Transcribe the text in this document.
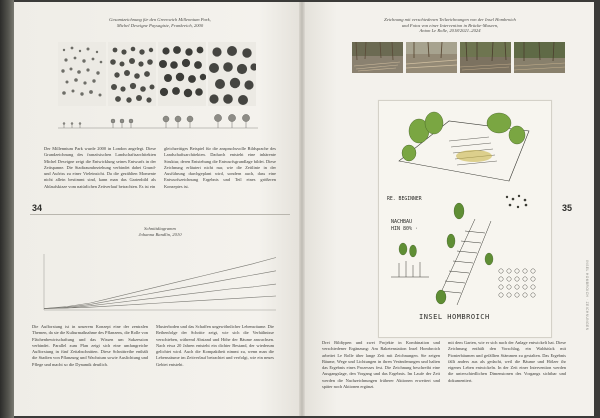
Gesamtzeichnung für den Greenwich Millennium Park,
Michel Desvigne Paysagiste, Frankreich, 2000
Der Millennium Park wurde 2000 in London angelegt. Diese Grundzeichnung des französischen Landschaftsarchitekten Michel Desvigne zeigt die Entwicklung seines Entwurfs in der Zeitspanne. Die Stadtraumbeziehung verbindet dabei Grund- und Aufriss zu einer Vieleinsicht. Da die gezählten Momente nicht allein bestimmt sind, kann man das Gartenbild als Ablaufskizze vom natürlichen Zeitverlauf betrachten. Es ist ein
gleichzeitiges Beispiel für die anspruchsvolle Bildsprache des Landschaftsarchitekten. Dadurch entsteht eine inhärente Struktur, deren Entstehung die Entwurfsgrundlage bildet. Diese Zeichnung erläutert nicht nur, wie die Zeitlinie in der Ausführung durchgeplant wird, sondern auch, dass eine Entwurfszeichnung Ergebnis und Teil eines größeren Konzeptes ist.
34
Schnittdiagramm
Johanna Bandlin, 2010
Die Aufforstung ist in unserem Konzept eine der zentralen Themen, da sie die Kulturmaßnahme des Pflanzens, die Rolle von Flächenbewirtschaftung und das Wissen um Sukzession verbindet. Parallel zum Plan zeigt sich eine umfangreiche Aufforstung in fünf Zeitabschnitten. Diese Schnittreihe enthält die Stadien von Pflanzung und Wachstum sowie Auslichtung und Pflege und macht so die Dynamik deutlich.
Musterboden und das Schaffen ungewöhnlicher Lebensräume. Die Reihenfolge der Schritte zeigt, wie sich die Verhältnisse verschieben, während Abstand und Höhe der Bäume anwachsen. Nach etwa 20 Jahren entsteht ein dichter Bestand, der wiederum gelichtet wird. Auch die Kompaktheit nimmt zu, wenn man die Lebensräume im Zeitverlauf betrachtet und verfolgt, wie ein neues Gebiet entsteht.
Zeichnung mit verschiedenen Teilzeichnungen von der Insel Hombroich
und Fotos von einer Intervention in Brücke-Museen,
Anton Le Rolle, 2018/2021–2024
INSEL HOMBROICH · ZEICHNUNGEN
RE. BEGINNER
NACHBAU
HIN 80% ·
INSEL HOMBROICH
35
Drei Bildtypen und zwei Projekte in Kombination und verschiedener Ergänzung: Am Raketenstation Insel Hombroich arbeitet Le Rolle über lange Zeit mit Zeichnungen. Sie zeigen Bäume, Wege und Lichtungen in ihren Veränderungen und halten das Ergebnis eines Prozesses fest. Die Zeichnung beschreibt eine Ausgangslage, den Vorgang und das Ergebnis. Im Laufe der Zeit werden die Nachzeichnungen früherer Aktionen erweitert und später noch Aktionen ergänzt.
mit dem Garten, wie er sich nach der Anlage entwickelt hat. Diese Zeichnung enthält den Vorschlag, ein Waldstück mit Pionierbäumen und gefällten Stämmen zu gestalten. Das Ergebnis fällt anders aus als gedacht, weil die Bäume und Hölzer ihr eigenes Leben entwickeln. In der Zeit einer Intervention werden die unterschiedlichen Dimensionen des Vorgangs sichtbar und dokumentiert.
